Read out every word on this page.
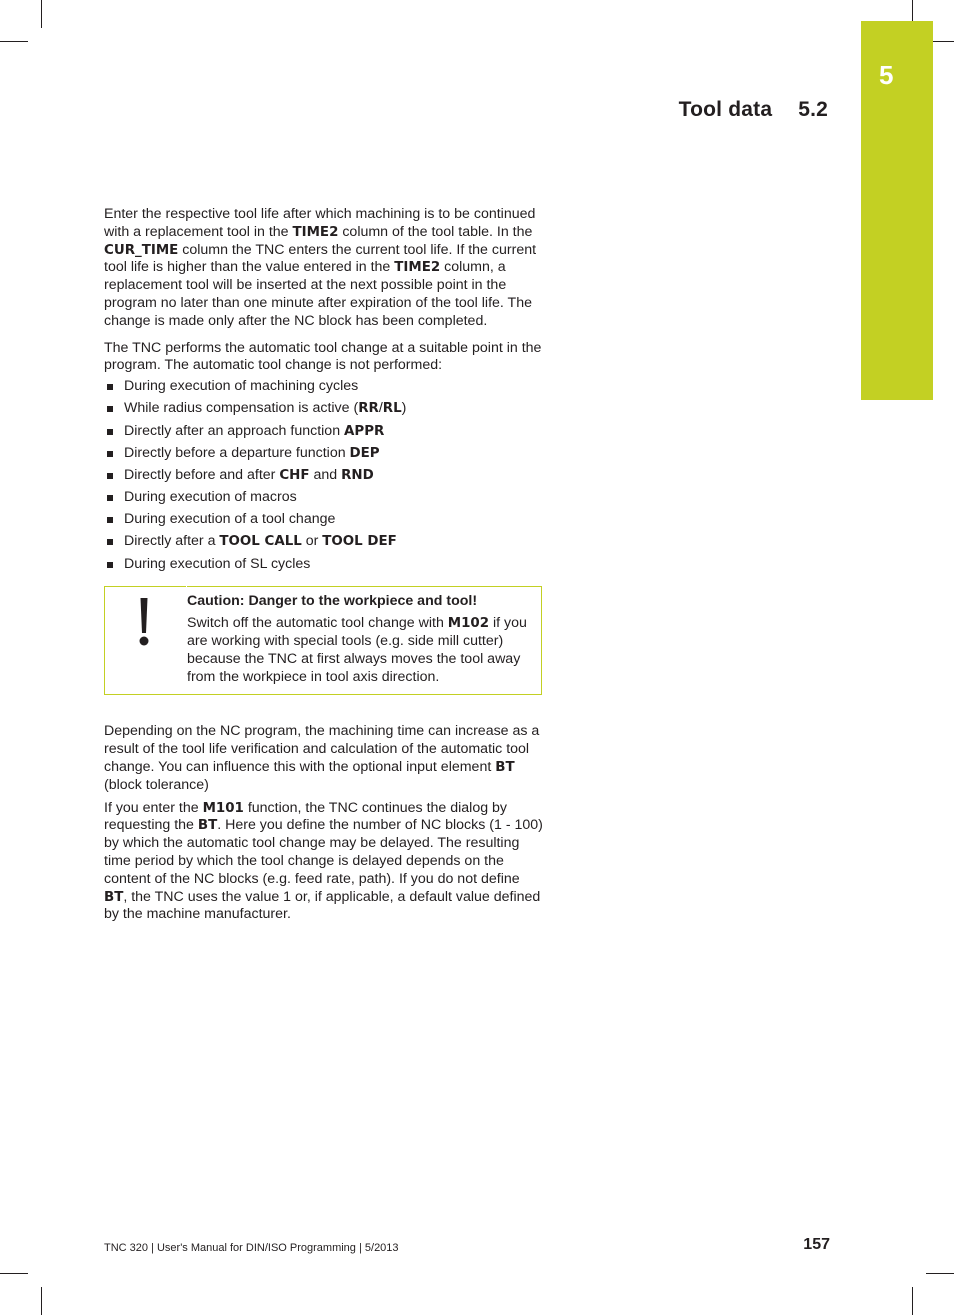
5
Tool data 5.2

Enter the respective tool life after which machining is to be continued with a replacement tool in the TIME2 column of the tool table. In the CUR_TIME column the TNC enters the current tool life. If the current tool life is higher than the value entered in the TIME2 column, a replacement tool will be inserted at the next possible point in the program no later than one minute after expiration of the tool life. The change is made only after the NC block has been completed.

The TNC performs the automatic tool change at a suitable point in the program. The automatic tool change is not performed:

During execution of machining cycles
While radius compensation is active (RR/RL)
Directly after an approach function APPR
Directly before a departure function DEP
Directly before and after CHF and RND
During execution of macros
During execution of a tool change
Directly after a TOOL CALL or TOOL DEF
During execution of SL cycles
Caution: Danger to the workpiece and tool!
Switch off the automatic tool change with M102 if you are working with special tools (e.g. side mill cutter) because the TNC at first always moves the tool away from the workpiece in tool axis direction.

Depending on the NC program, the machining time can increase as a result of the tool life verification and calculation of the automatic tool change. You can influence this with the optional input element BT (block tolerance)

If you enter the M101 function, the TNC continues the dialog by requesting the BT. Here you define the number of NC blocks (1 - 100) by which the automatic tool change may be delayed. The resulting time period by which the tool change is delayed depends on the content of the NC blocks (e.g. feed rate, path). If you do not define BT, the TNC uses the value 1 or, if applicable, a default value defined by the machine manufacturer.

TNC 320 | User's Manual for DIN/ISO Programming | 5/2013	157
